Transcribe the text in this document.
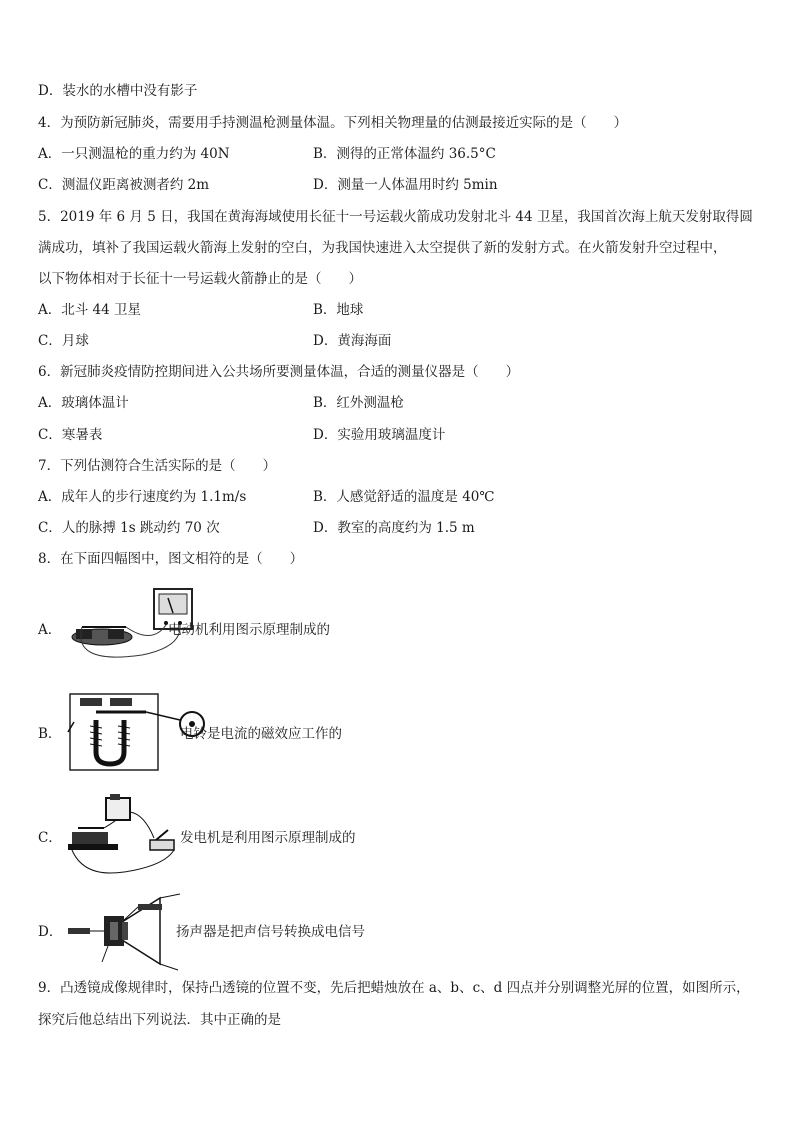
D．装水的水槽中没有影子
4．为预防新冠肺炎，需要用手持测温枪测量体温。下列相关物理量的估测最接近实际的是（　　）
A．一只测温枪的重力约为 40N	B．测得的正常体温约 36.5°C
C．测温仪距离被测者约 2m	D．测量一人体温用时约 5min
5．2019 年 6 月 5 日，我国在黄海海域使用长征十一号运载火箭成功发射北斗 44 卫星，我国首次海上航天发射取得圆
满成功，填补了我国运载火箭海上发射的空白，为我国快速进入太空提供了新的发射方式。在火箭发射升空过程中，
以下物体相对于长征十一号运载火箭静止的是（　　）
A．北斗 44 卫星	B．地球
C．月球	D．黄海海面
6．新冠肺炎疫情防控期间进入公共场所要测量体温，合适的测量仪器是（　　）
A．玻璃体温计	B．红外测温枪
C．寒暑表	D．实验用玻璃温度计
7．下列估测符合生活实际的是（　　）
A．成年人的步行速度约为 1.1m/s	B．人感觉舒适的温度是 40℃
C．人的脉搏 1s 跳动约 70 次	D．教室的高度约为 1.5 m
8．在下面四幅图中，图文相符的是（　　）
A．	电动机利用图示原理制成的
B．	电铃是电流的磁效应工作的
C．	发电机是利用图示原理制成的
D．	扬声器是把声信号转换成电信号
9．凸透镜成像规律时，保持凸透镜的位置不变，先后把蜡烛放在 a、b、c、d 四点并分别调整光屏的位置，如图所示，
探究后他总结出下列说法．其中正确的是
